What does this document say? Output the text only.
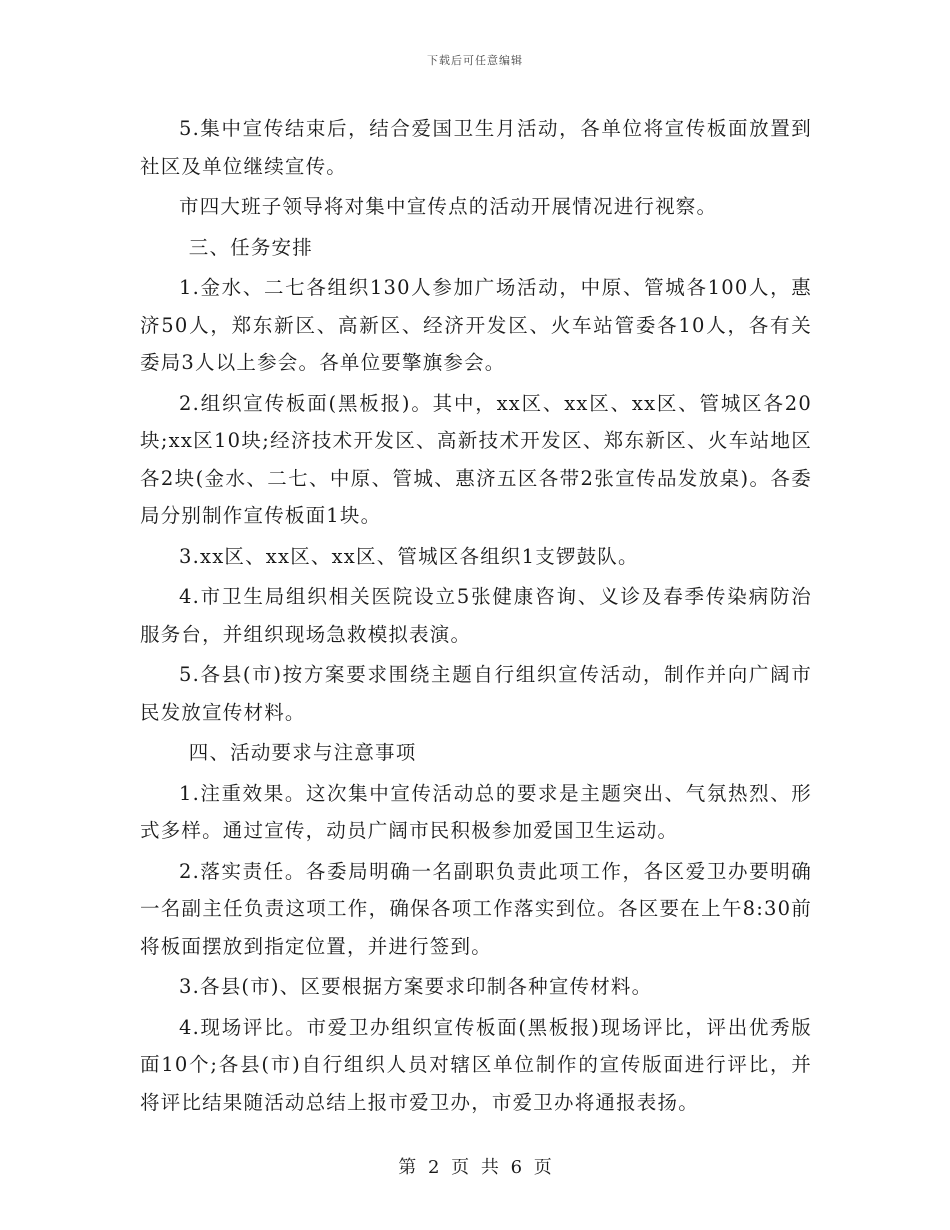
下载后可任意编辑

5.集中宣传结束后，结合爱国卫生月活动，各单位将宣传板面放置到社区及单位继续宣传。

市四大班子领导将对集中宣传点的活动开展情况进行视察。

三、任务安排

1.金水、二七各组织130人参加广场活动，中原、管城各100人，惠济50人，郑东新区、高新区、经济开发区、火车站管委各10人，各有关委局3人以上参会。各单位要擎旗参会。

2.组织宣传板面(黑板报)。其中，xx区、xx区、xx区、管城区各20块;xx区10块;经济技术开发区、高新技术开发区、郑东新区、火车站地区各2块(金水、二七、中原、管城、惠济五区各带2张宣传品发放桌)。各委局分别制作宣传板面1块。

3.xx区、xx区、xx区、管城区各组织1支锣鼓队。

4.市卫生局组织相关医院设立5张健康咨询、义诊及春季传染病防治服务台，并组织现场急救模拟表演。

5.各县(市)按方案要求围绕主题自行组织宣传活动，制作并向广阔市民发放宣传材料。

四、活动要求与注意事项

1.注重效果。这次集中宣传活动总的要求是主题突出、气氛热烈、形式多样。通过宣传，动员广阔市民积极参加爱国卫生运动。

2.落实责任。各委局明确一名副职负责此项工作，各区爱卫办要明确一名副主任负责这项工作，确保各项工作落实到位。各区要在上午8:30前将板面摆放到指定位置，并进行签到。

3.各县(市)、区要根据方案要求印制各种宣传材料。

4.现场评比。市爱卫办组织宣传板面(黑板报)现场评比，评出优秀版面10个;各县(市)自行组织人员对辖区单位制作的宣传版面进行评比，并将评比结果随活动总结上报市爱卫办，市爱卫办将通报表扬。

第 2 页 共 6 页
